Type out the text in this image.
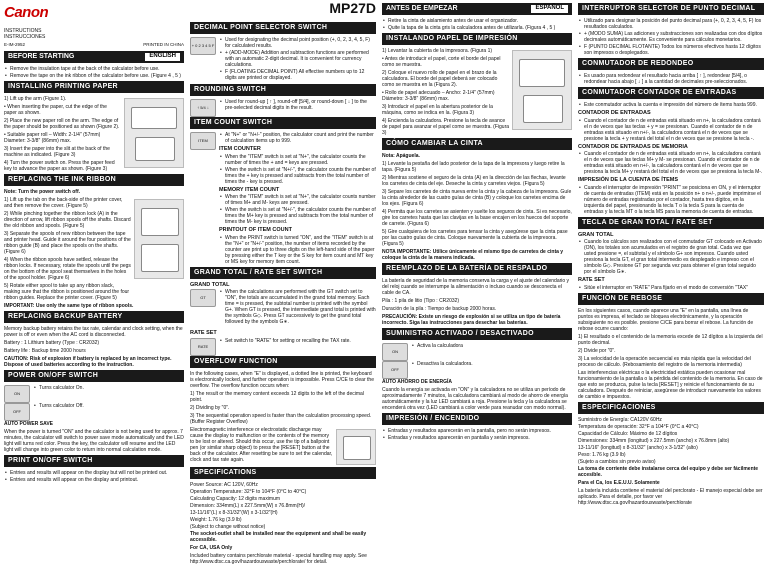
Canon
INSTRUCTIONS
INSTRUCCIONES
E-IM-2952	PRINTED IN CHINA
BEFORE STARTING	ENGLISH
• Remove the insulation tape at the back of the calculator before use.
• Remove the tape on the ink ribbon of the calculator before use. (Figure 4 , 5 )
INSTALLING PRINTING PAPER

1) Lift up the arm (Figure 1).

• When inserting the paper, cut the edge of the paper as shown.

2) Place the new paper roll on the arm. The edge of the paper should be positioned as shown (Figure 2).

• Suitable paper roll – Width: 2-1/4" (57mm) Diameter: 3-3/8" (86mm) max.

3) Insert the paper into the slit at the back of the machine as indicated. (Figure 3)

4) Turn the power switch on. Press the paper feed key to advance the paper as shown. (Figure 3)

REPLACING THE INK RIBBON

Note: Turn the power switch off.

1) Lift up the tab on the back-side of the printer cover, and then remove the cover. (Figure 5)

2) While pinching together the ribbon lock (A) in the direction of arrow, lift ribbon spools off the shafts. Discard the old ribbon and spools. (Figure 5)

3) Separate the spools of new ribbon between the tape and printer head. Guide it around the four positions of the ribbon guide (B) and place the spools on the shafts. (Figure 6)

4) When the ribbon spools have settled, release the ribbon locks. If necessary, rotate the spools until the pegs on the bottom of the spool seat themselves in the holes of the spool holder. (Figure 6)

5) Rotate either spool to take up any ribbon slack, making sure that the ribbon is positioned around the four ribbon guides. Replace the printer cover. (Figure 5)

IMPORTANT: Use only the same type of ribbon spools.

REPLACING BACKUP BATTERY

Memory backup battery retains the tax rate, calendar and clock setting, when the power is off or even when the AC cord is disconnected.

Battery : 1 Lithium battery (Type : CR2032)

Battery life : Backup time 2000 hours

CAUTION: Risk of explosion if battery is replaced by an incorrect type. Dispose of used batteries according to the instruction.

POWER ON/OFF SWITCH
ON
• Turns calculator On.
OFF
• Turns calculator Off.

AUTO POWER SAVE

When the power is turned "ON" and the calculator is not being used for approx. 7 minutes, the calculator will switch to power save mode automatically and the LED light will turns red color. Press the key, the calculator will resume and the LED light will change into green color to return into normal calculation mode.

PRINT ON/OFF SWITCH
• Entries and results will appear on the display but will not be printed out.
• Entries and results will appear on the display and printout.
MP27D
DECIMAL POINT SELECTOR SWITCH
+ 0 2 3 4 5 F
• Used for designating the decimal point position (+, 0, 2, 3, 4, 5, F) for calculated results.
• + (ADD-MODE) Addition and subtraction functions are performed with an automatic 2-digit decimal. It is convenient for currency calculations.
• F (FLOATING DECIMAL POINT) All effective numbers up to 12 digits are printed or displayed.
ROUNDING SWITCH
↑ 5/4 ↓
• Used for round-up [ ↑ ], round-off [5/4], or round-down [ ↓ ] to the pre-selected decimal digits in the result.
ITEM COUNT SWITCH
ITEM
• At "N+" or "N+/-" position, the calculator count and print the number of calculation items up to 999.
ITEM COUNTER
• When the "ITEM" switch is set at "N+", the calculator counts the number of times the + and = keys are pressed.
• When the switch is set at "N+/-", the calculator counts the number of times the + key is pressed and subtracts from the total number of times the - key is pressed.
MEMORY ITEM COUNT
• When the "ITEM" switch is set at "N+", the calculator counts number of times M+ and M- keys are pressed.
• When the switch is set at "N+/-", the calculator counts the number of times the M+ key is pressed and subtracts from the total number of times the M- key is pressed.
PRINTOUT OF ITEM COUNT
• When the PRINT switch is turned "ON", and the "ITEM" switch is at the "N+" or "N+/-" position, the number of items recorded by the counter are print up to three digits on the left-hand side of the paper by pressing either the T key or the S key for item count and MT key or MS key for memory item count.
GRAND TOTAL / RATE SET SWITCH
GRAND TOTAL
GT
• When the calculations are performed with the GT switch set to "ON", the totals are accumulated in the grand total memory. Each time = is pressed, the subtotal number is printed with the symbol G+. When GT is pressed, the intermediate grand total is printed with the symbols G◇. Press GT successively to get the grand total followed by the symbols G∗.
RATE SET
RATE
• Set switch to "RATE" for setting or recalling the TAX rate.
OVERFLOW FUNCTION

In the following cases, when "E" is displayed, a dotted line is printed, the keyboard is electronically locked, and further operation is impossible. Press C/CE to clear the overflow. The overflow function occurs when:

1) The result or the memory content exceeds 12 digits to the left of the decimal point.

2) Dividing by "0".

3) The sequential operation speed is faster than the calculation processing speed. (Buffer Register Overflow)

Electromagnetic interference or electrostatic discharge may cause the display to malfunction or the contents of the memory to be lost or altered. Should this occur, use the tip of a ballpoint pen (or similar sharp object) to press the [RESET] button at the back of the calculator. After resetting be sure to set the calendar, clock and tax rate again.

SPECIFICATIONS

Power Source: AC 120V, 60Hz

Operation Temperature: 32°F to 104°F (0°C to 40°C)

Calculating Capacity: 12 digits maximum

Dimension: 334mm(L) x 227.5mm(W) x 76.8mm(H)/

13-11/16"(L) x 8-31/32"(W) x 3-1/32"(H)

Weight: 1.76 kg (3.9 lb)

(Subject to change without notice)

The socket-outlet shall be installed near the equipment and shall be easily accessible.

For CA, USA Only

Included battery contains perchlorate material - special handling may apply. See http://www.dtsc.ca.gov/hazardouswaste/perchlorate/ for detail.

ANTES DE EMPEZAR	ESPAÑOL
• Retire la cinta de aislamiento antes de usar el organizador.
• Quite la tapa de la cinta gris la calculadora antes de utilizarla. (Figura 4 , 5 )
INSTALANDO PAPEL DE IMPRESIÓN

1) Levantar la cubierta de la impresora. (Figura 1)

• Antes de introducir el papel, corte el borde del papel como se muestra.

2) Coloque el nuevo rollo de papel en el brazo de la calculadora. El borde del papel deberá ser colocado como se muestra en la (Figura 2).

• Rollo de papel adecuado – Ancho: 2-1/4" (57mm) Diámetro: 3-3/8" (86mm) max.

3) Introducir el papel en la abertura posterior de la máquina, como se indica en la. (Figura 3)

4) Encienda la calculadora. Presione la tecla de avance de papel para avanzar el papel como se muestra. (Figura 3)

CÓMO CAMBIAR LA CINTA

Nota: Apáguela.

1) Levante la pestaña del lado posterior de la tapa de la impresora y luego retire la tapa. (Figura 5)

2) Mientras sostiene el seguro de la cinta (A) en la dirección de las flechas, levante los carretes de cinta del eje. Deseche la cinta y carretes viejos. (Figura 5)

3) Separe los carretes de cinta nueva entre la cinta y la cabeza de la impresora. Guíe la cinta alrededor de las cuatro guías de cinta (B) y coloque los carretes encima de los ejes. (Figura 6)

4) Permita que los carretes se asienten y suelte los seguros de cinta. Si es necesario, gire los carretes hasta que las clavijas en la base encajen en los huecos del soporte de carrete. (Figura 6)

5) Gire cualquiera de los carretes para tensar la cinta y asegúrese que la cinta pase por las cuatro guías de cinta. Coloque nuevamente la cubierta de la impresora. (Figura 5)

NOTA IMPORTANTE: Utilice únicamente el mismo tipo de carretes de cinta y coloque la cinta de la manera indicada.

REEMPLAZO DE LA BATERÍA DE RESPALDO

La batería de seguridad de la memoria conserva la carga y el ajuste del calendario y del reloj cuando se interrumpe la alimentación o incluso cuando se desconecta el cable de CA.

Pila : 1 pila de litio (Tipo : CR2032)

Duración de la pila : Tiempo de backup 2000 horas.

PRECAUCIÓN: Existe un riesgo de explosión si se utiliza un tipo de batería incorrecto. Siga las instrucciones para desechar las baterías.

SUMINISTRO ACTIVADO / DESACTIVADO
ON
• Activa la calculadora
OFF
• Desactiva la calculadora.

AUTO AHORRO DE ENERGÍA

Cuando la energía se activada en "ON" y la calculadora no se utiliza un período de aproximadamente 7 minutos, la calculadora cambiará al modo de ahorro de energía automáticamente y la luz LED cambiará a roja. Presione la tecla y la calculadora se encenderá otra vez (LED cambiará a color verde para reanudar con modo normal).

IMPRESIÓN / ENCENDIDO
• Entradas y resultados aparecerán en la pantalla, pero no serán impresos.
• Entradas y resultados aparecerán en pantalla y serán impresos.
INTERRUPTOR SELECTOR DE PUNTO DECIMAL
• Utilizado para designar la posición del punto decimal para (+, 0, 2, 3, 4, 5, F) los resultados calculados.
• + (MODO SUMA) Las adiciones y substracciones son realizadas con dos dígitos decimales automáticamente. Es conveniente para cálculos monetarios.
• F (PUNTO DECIMAL FLOTANTE) Todos los números efectivos hasta 12 dígitos son impresos o desplegados.
CONMUTADOR DE REDONDEO
• Es usado para redondear el resultado hacia arriba [ ↑ ], redondear [5/4], o redondear hacia abajo [ ↓ ] a la cantidad de decimales pre-seleccionados.
CONMUTADOR CONTADOR DE ENTRADAS
• Este conmutador activa la cuenta e impresión del número de ítems hasta 999.
CONTADOR DE ENTRADAS
• Cuando el contador de n de entradas está situado en n+, la calculadora contará el n de veces que las teclas + y = se presionan. Cuando el contador de n de entradas está situado en n+/-, la calculadora contará el n de veces que se presione la tecla + y restará del total el n de veces que se presione la tecla -.
CONTADOR DE ENTRADAS DE MEMORIA
• Cuando el contador de n de entradas está situado en n+, la calculadora contará el n de veces que las teclas M+ y M- se presionan. Cuando el contador de n de entradas está situado en n+/-, la calculadora contará el n de veces que se presiona la tecla M+ y restará del total el n de veces que se presiona la tecla M-.
IMPRESIÓN DE LA CUENTA DE ÍTEMS
• Cuando el interruptor de impresión "PRINT" se posiciona en ON, y el interruptor de cuenta de entradas (ITEM) está en la posición n+ o n+/-, puede imprimirse el número de entradas registradas por el contador, hasta tres dígitos, en la izquierda del papel, presionando la tecla T o la tecla S para la cuenta de entradas y la tecla MT o la tecla MS para la memoria de cuenta de entradas.
TECLA DE GRAN TOTAL / RATE SET
GRAN TOTAL
• Cuando los cálculos son realizados con el conmutador GT colocado en Activado (ON), los totales son acumulados en el registro de gran total. Cada vez que usted presione =, el subtotal y el símbolo G+ son impresos. Cuando usted presiona la tecla GT, el gran total intermedio es desplegado e impreso con el símbolo G◇. Presione GT por segunda vez para obtener el gran total seguido por el símbolo G∗.
RATE SET
• Sitúe el interruptor en "RATE" Para fijarlo en el modo de conversión "TAX"
FUNCIÓN DE REBOSE

En los siguientes casos, cuando aparece una "E" en la pantalla, una línea de puntos es impresa, el teclado se bloquea electrónicamente, y la operación subsiguiente no es posible. presione C/CE para borrar el rebose. La función de rebose ocurre cuando:

1) El resultado o el contenido de la memoria excede de 12 dígitos a la izquierda del punto decimal.

2) Divide por "0".

3) La velocidad de la operación secuencial es más rápida que la velocidad del proceso de cálculo. (Rebosamiento del registro de la memoria intermedia)

Las interferencias eléctricas o la electricidad estática pueden ocasionar mal funcionamiento de la pantalla o la pérdida del contenido de la memoria. En caso de que esto se produzca, pulse la tecla [RESET] y reinicie el funcionamiento de su calculadora. Después de reiniciar, asegúrese de introducir nuevamente los valores de cambio e impuestos.

ESPECIFICACIONES

Suministro de Energía: CA120V 60Hz

Temperatura de operación: 32°F a 104°F (0°C a 40°C)

Capacidad de Cálculo: Máximo de 12 dígitos

Dimensiones: 334mm (longitud) x 227.5mm (ancho) x 76.8mm (alto)

13-11/16" (longitud) x 8-31/32" (ancho) x 3-1/32" (alto)

Peso: 1.76 kg (3.9 lb)

(Sujeto a cambios sin previo aviso)

La toma de corriente debe instalarse cerca del equipo y debe ser fácilmente accesible.

Para el Ca, los E.E.U.U. Solamente

La batería incluida contiene el material del perclorato - El manejo especial debe ser aplicado. Para el detalle, por favor ver http://www.dtsc.ca.gov/hazardouswaste/perchlorate
